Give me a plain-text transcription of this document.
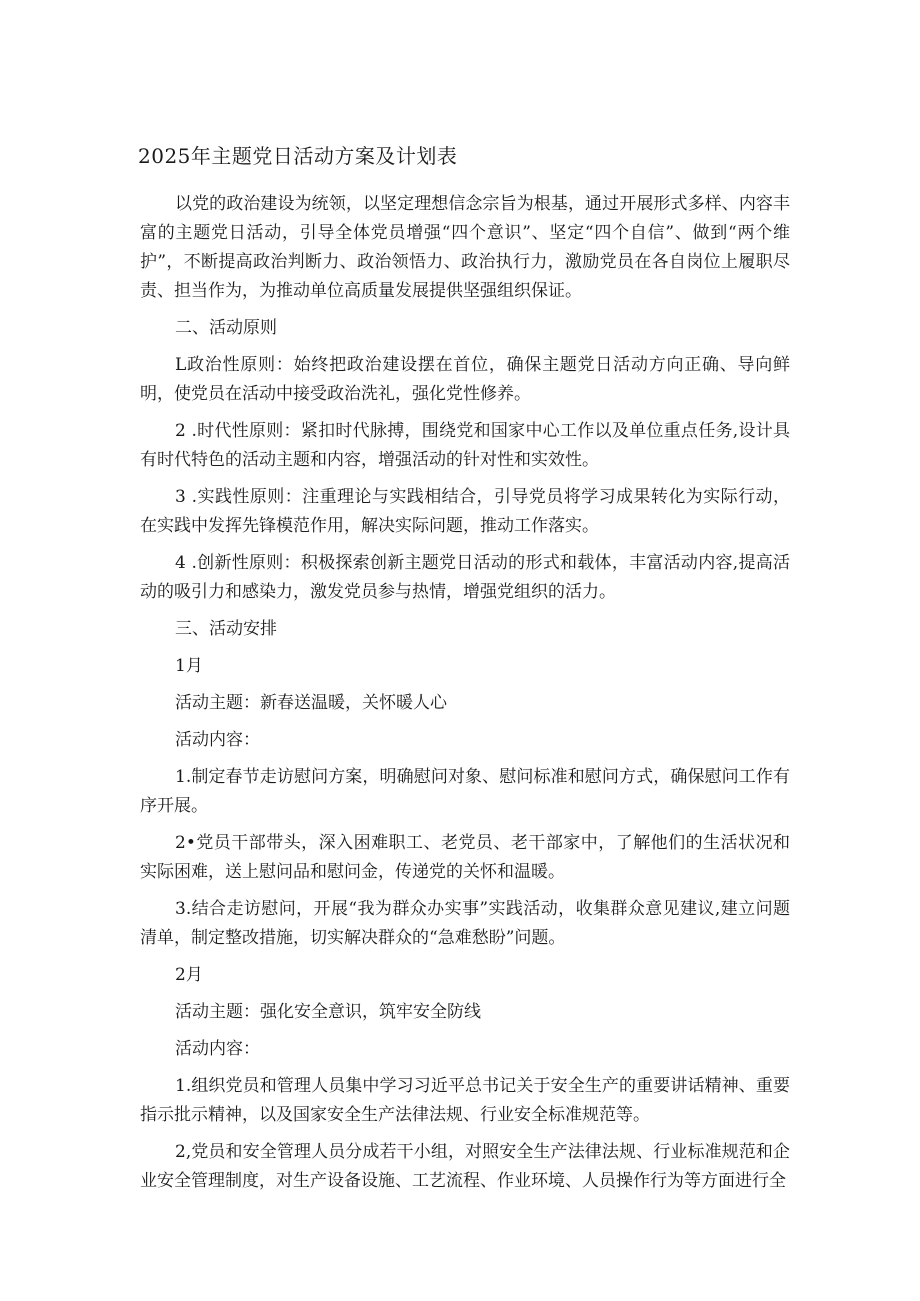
2025年主题党日活动方案及计划表

以党的政治建设为统领，以坚定理想信念宗旨为根基，通过开展形式多样、内容丰富的主题党日活动，引导全体党员增强“四个意识”、坚定“四个自信”、做到“两个维护”，不断提高政治判断力、政治领悟力、政治执行力，激励党员在各自岗位上履职尽责、担当作为，为推动单位高质量发展提供坚强组织保证。

二、活动原则

L政治性原则：始终把政治建设摆在首位，确保主题党日活动方向正确、导向鲜明，使党员在活动中接受政治洗礼，强化党性修养。

2 .时代性原则：紧扣时代脉搏，围绕党和国家中心工作以及单位重点任务,设计具有时代特色的活动主题和内容，增强活动的针对性和实效性。

3 .实践性原则：注重理论与实践相结合，引导党员将学习成果转化为实际行动，在实践中发挥先锋模范作用，解决实际问题，推动工作落实。

4 .创新性原则：积极探索创新主题党日活动的形式和载体，丰富活动内容,提高活动的吸引力和感染力，激发党员参与热情，增强党组织的活力。

三、活动安排

1月

活动主题：新春送温暖，关怀暖人心

活动内容：

1.制定春节走访慰问方案，明确慰问对象、慰问标准和慰问方式，确保慰问工作有序开展。

2•党员干部带头，深入困难职工、老党员、老干部家中，了解他们的生活状况和实际困难，送上慰问品和慰问金，传递党的关怀和温暖。

3.结合走访慰问，开展“我为群众办实事”实践活动，收集群众意见建议,建立问题清单，制定整改措施，切实解决群众的“急难愁盼”问题。

2月

活动主题：强化安全意识，筑牢安全防线

活动内容：

1.组织党员和管理人员集中学习习近平总书记关于安全生产的重要讲话精神、重要指示批示精神，以及国家安全生产法律法规、行业安全标准规范等。

2,党员和安全管理人员分成若干小组，对照安全生产法律法规、行业标准规范和企业安全管理制度，对生产设备设施、工艺流程、作业环境、人员操作行为等方面进行全
